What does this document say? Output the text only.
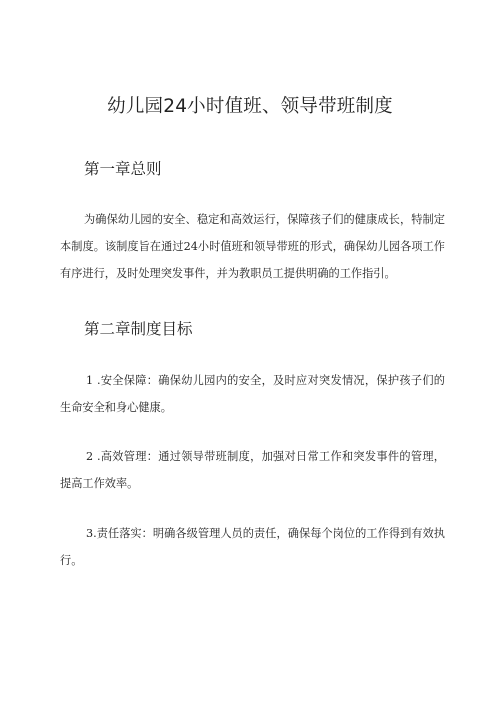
幼儿园24小时值班、领导带班制度
第一章总则
为确保幼儿园的安全、稳定和高效运行，保障孩子们的健康成长，特制定本制度。该制度旨在通过24小时值班和领导带班的形式，确保幼儿园各项工作有序进行，及时处理突发事件，并为教职员工提供明确的工作指引。
第二章制度目标
1 .安全保障：确保幼儿园内的安全，及时应对突发情况，保护孩子们的生命安全和身心健康。
2 .高效管理：通过领导带班制度，加强对日常工作和突发事件的管理，提高工作效率。
3.责任落实：明确各级管理人员的责任，确保每个岗位的工作得到有效执行。
